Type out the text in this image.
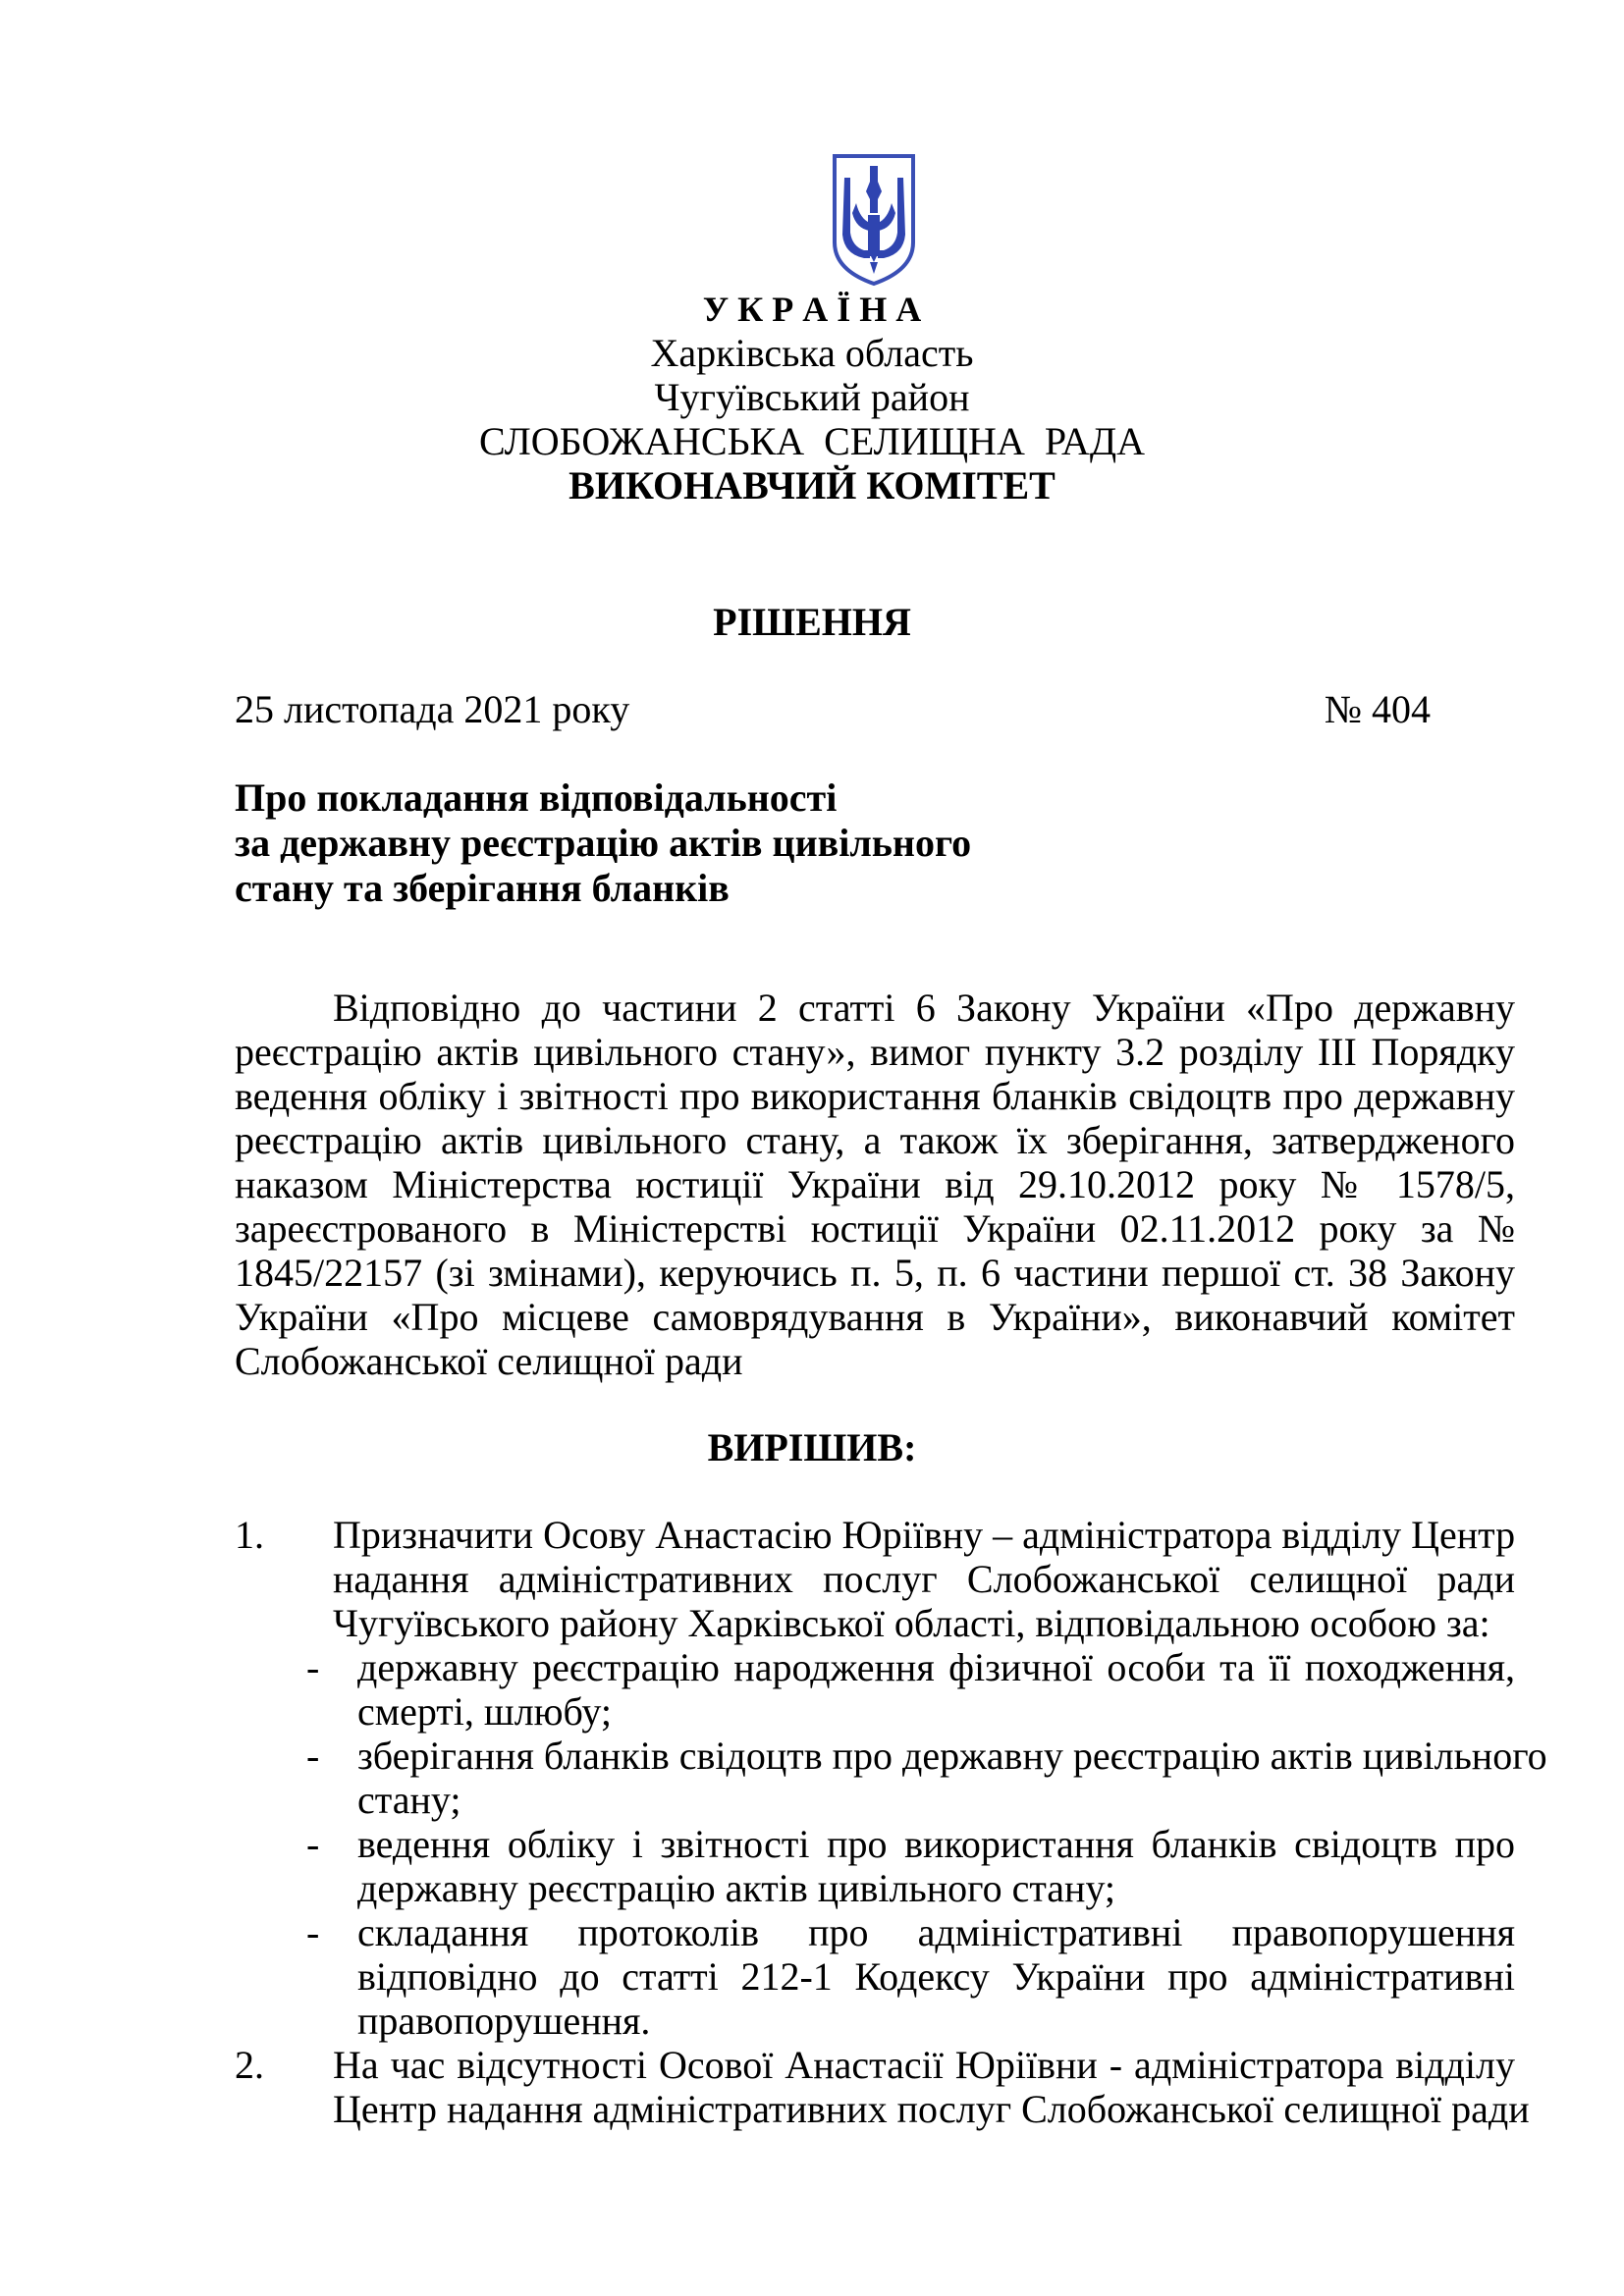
У К Р А Ї Н А
Харківська область
Чугуївський район
СЛОБОЖАНСЬКА  СЕЛИЩНА  РАДА
ВИКОНАВЧИЙ КОМІТЕТ
РІШЕННЯ
25 листопада 2021 року	№ 404
Про покладання відповідальності
за державну реєстрацію актів цивільного
стану та зберігання бланків
Відповідно до частини 2 статті 6 Закону України «Про державну
реєстрацію актів цивільного стану», вимог пункту 3.2 розділу ІІІ Порядку
ведення обліку і звітності про використання бланків свідоцтв про державну
реєстрацію актів цивільного стану, а також їх зберігання, затвердженого
наказом Міністерства юстиції України від 29.10.2012 року № 1578/5,
зареєстрованого в Міністерстві юстиції України 02.11.2012 року за №
1845/22157 (зі змінами), керуючись п. 5, п. 6 частини першої ст. 38 Закону
України «Про місцеве самоврядування в України», виконавчий комітет
Слобожанської селищної ради
ВИРІШИВ:
1. Призначити Осову Анастасію Юріївну – адміністратора відділу Центр
надання адміністративних послуг Слобожанської селищної ради
Чугуївського району Харківської області, відповідальною особою за:
- державну реєстрацію народження фізичної особи та її походження,
смерті, шлюбу;
- зберігання бланків свідоцтв про державну реєстрацію актів цивільного
стану;
- ведення обліку і звітності про використання бланків свідоцтв про
державну реєстрацію актів цивільного стану;
- складання     протоколів     про     адміністративні     правопорушення
відповідно до статті 212-1 Кодексу України про адміністративні
правопорушення.
2. На час відсутності Осової Анастасії Юріївни - адміністратора відділу
Центр надання адміністративних послуг Слобожанської селищної ради
